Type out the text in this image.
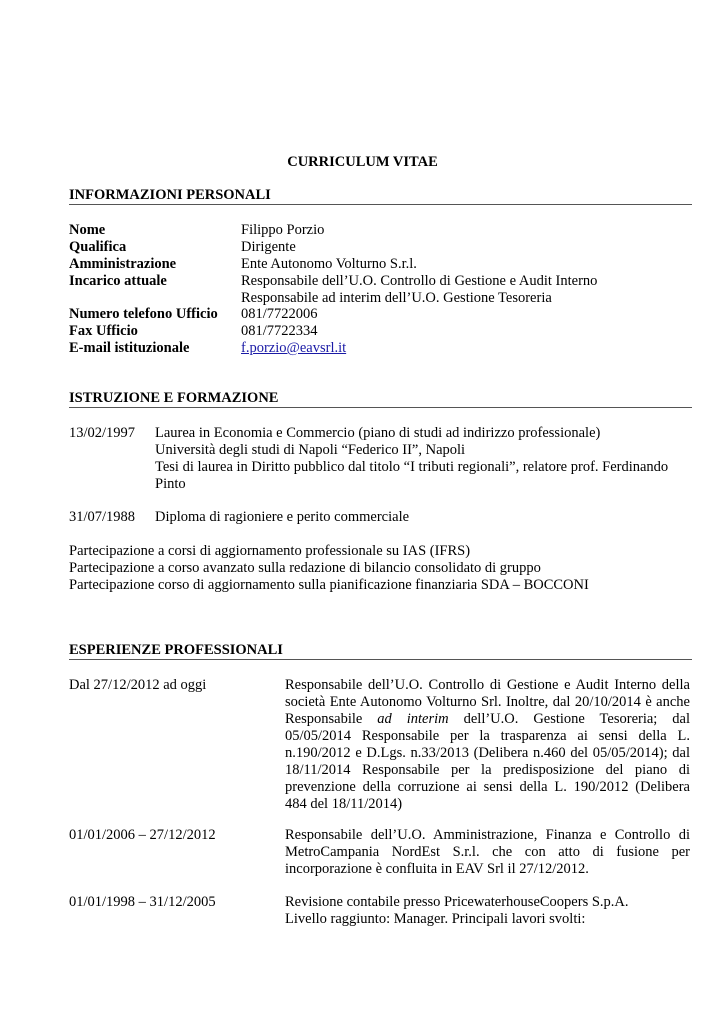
CURRICULUM VITAE
INFORMAZIONI PERSONALI
Nome	Filippo Porzio
Qualifica	Dirigente
Amministrazione	Ente Autonomo Volturno S.r.l.
Incarico attuale	Responsabile dell’U.O. Controllo di Gestione e Audit Interno
Responsabile ad interim dell’U.O. Gestione Tesoreria
Numero telefono Ufficio	081/7722006
Fax Ufficio	081/7722334
E-mail istituzionale	f.porzio@eavsrl.it
ISTRUZIONE E FORMAZIONE
13/02/1997 Laurea in Economia e Commercio (piano di studi ad indirizzo professionale)
Università degli studi di Napoli “Federico II”, Napoli
Tesi di laurea in Diritto pubblico dal titolo “I tributi regionali”, relatore prof. Ferdinando Pinto
31/07/1988 Diploma di ragioniere e perito commerciale
Partecipazione a corsi di aggiornamento professionale su IAS (IFRS)
Partecipazione a corso avanzato sulla redazione di bilancio consolidato di gruppo
Partecipazione corso di aggiornamento sulla pianificazione finanziaria SDA – BOCCONI
ESPERIENZE PROFESSIONALI
Dal 27/12/2012 ad oggi	Responsabile dell’U.O. Controllo di Gestione e Audit Interno della società Ente Autonomo Volturno Srl. Inoltre, dal 20/10/2014 è anche Responsabile ad interim dell’U.O. Gestione Tesoreria; dal 05/05/2014 Responsabile per la trasparenza ai sensi della L. n.190/2012 e D.Lgs. n.33/2013 (Delibera n.460 del 05/05/2014); dal 18/11/2014 Responsabile per la predisposizione del piano di prevenzione della corruzione ai sensi della L. 190/2012 (Delibera 484 del 18/11/2014)
01/01/2006 – 27/12/2012	Responsabile dell’U.O. Amministrazione, Finanza e Controllo di MetroCampania NordEst S.r.l. che con atto di fusione per incorporazione è confluita in EAV Srl il 27/12/2012.
01/01/1998 – 31/12/2005	Revisione contabile presso PricewaterhouseCoopers S.p.A.
Livello raggiunto: Manager. Principali lavori svolti:
